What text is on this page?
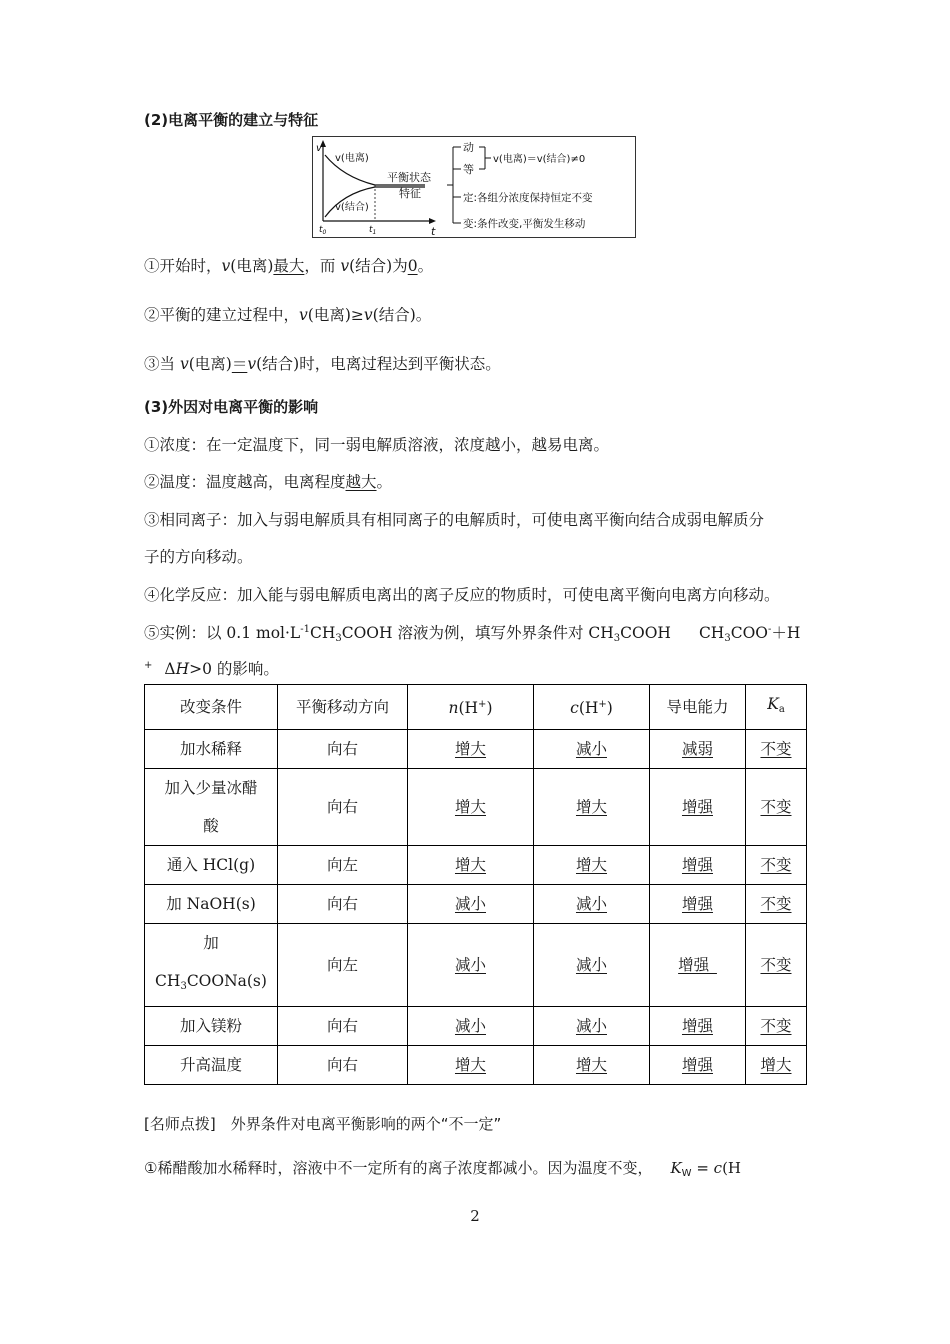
(2)电离平衡的建立与特征
v
t
$t_0$	$t_1$
v(电离)
v(结合)
平衡状态
特征
动
等
v(电离)＝v(结合)≠0
定:各组分浓度保持恒定不变
变:条件改变,平衡发生移动
①开始时，v(电离)最大，而 v(结合)为0。
②平衡的建立过程中，v(电离)≥v(结合)。
③当 v(电离)＝v(结合)时，电离过程达到平衡状态。
(3)外因对电离平衡的影响
①浓度：在一定温度下，同一弱电解质溶液，浓度越小，越易电离。
②温度：温度越高，电离程度越大。
③相同离子：加入与弱电解质具有相同离子的电解质时，可使电离平衡向结合成弱电解质分
子的方向移动。
④化学反应：加入能与弱电解质电离出的离子反应的物质时，可使电离平衡向电离方向移动。
⑤实例：以 0.1 $mol\cdot L^{-1}CH_3COOH$ 溶液为例，填写外界条件对 $CH_3COOH$ $CH_3COO^-+H$
+ ΔH>0 的影响。
改变条件	平衡移动方向	n(H+)	c(H+)	导电能力	$K_a$
加水稀释	向右	增大	减小	减弱	不变
加入少量冰醋
酸	向右	增大	增大	增强	不变
通入 HCl(g)	向左	增大	增大	增强	不变
加 NaOH(s)	向右	减小	减小	增强	不变
加
$CH_3COONa(s)$	向左	减小	减小	增强_	不变
加入镁粉	向右	减小	减小	增强	不变
升高温度	向右	增大	增大	增强	增大
[名师点拨]　外界条件对电离平衡影响的两个“不一定”
①稀醋酸加水稀释时，溶液中不一定所有的离子浓度都减小。因为温度不变， $K_W = c(H$
2
